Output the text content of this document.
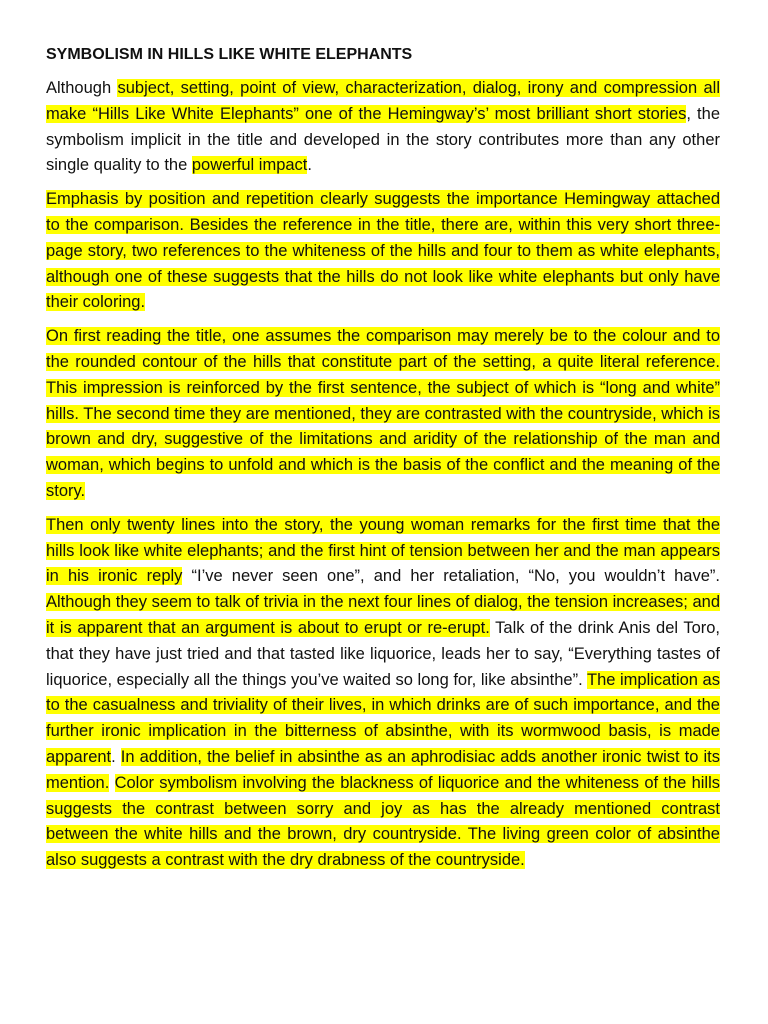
SYMBOLISM IN HILLS LIKE WHITE ELEPHANTS

Although subject, setting, point of view, characterization, dialog, irony and compression all make “Hills Like White Elephants” one of the Hemingway’s’ most brilliant short stories, the symbolism implicit in the title and developed in the story contributes more than any other single quality to the powerful impact.

Emphasis by position and repetition clearly suggests the importance Hemingway attached to the comparison. Besides the reference in the title, there are, within this very short three-page story, two references to the whiteness of the hills and four to them as white elephants, although one of these suggests that the hills do not look like white elephants but only have their coloring.

On first reading the title, one assumes the comparison may merely be to the colour and to the rounded contour of the hills that constitute part of the setting, a quite literal reference. This impression is reinforced by the first sentence, the subject of which is “long and white” hills. The second time they are mentioned, they are contrasted with the countryside, which is brown and dry, suggestive of the limitations and aridity of the relationship of the man and woman, which begins to unfold and which is the basis of the conflict and the meaning of the story.

Then only twenty lines into the story, the young woman remarks for the first time that the hills look like white elephants; and the first hint of tension between her and the man appears in his ironic reply “I’ve never seen one”, and her retaliation, “No, you wouldn’t have”. Although they seem to talk of trivia in the next four lines of dialog, the tension increases; and it is apparent that an argument is about to erupt or re-erupt. Talk of the drink Anis del Toro, that they have just tried and that tasted like liquorice, leads her to say, “Everything tastes of liquorice, especially all the things you’ve waited so long for, like absinthe”. The implication as to the casualness and triviality of their lives, in which drinks are of such importance, and the further ironic implication in the bitterness of absinthe, with its wormwood basis, is made apparent. In addition, the belief in absinthe as an aphrodisiac adds another ironic twist to its mention. Color symbolism involving the blackness of liquorice and the whiteness of the hills suggests the contrast between sorry and joy as has the already mentioned contrast between the white hills and the brown, dry countryside. The living green color of absinthe also suggests a contrast with the dry drabness of the countryside.
